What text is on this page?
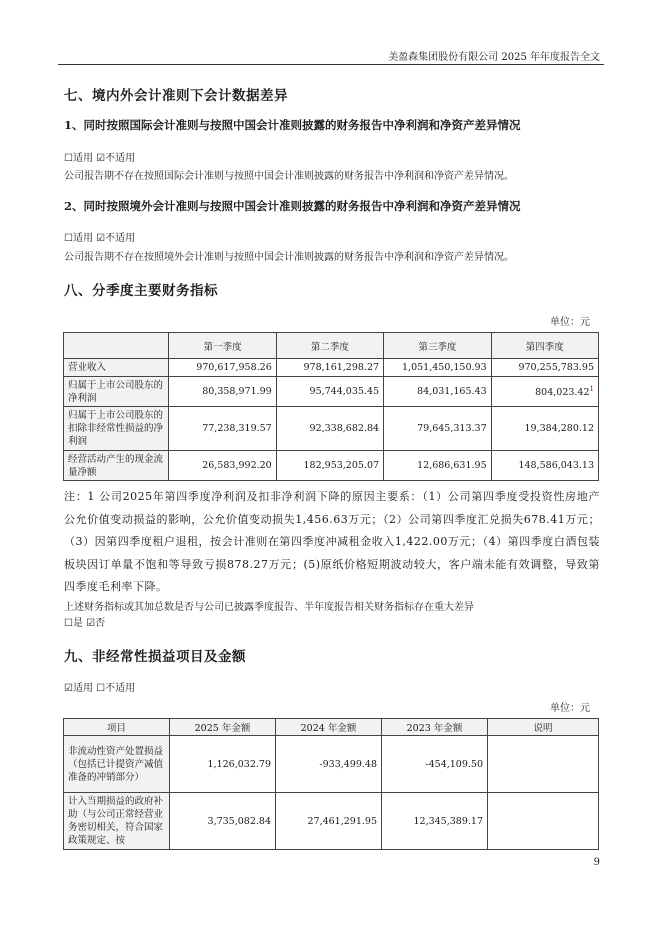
美盈森集团股份有限公司 2025 年年度报告全文
七、境内外会计准则下会计数据差异
1、同时按照国际会计准则与按照中国会计准则披露的财务报告中净利润和净资产差异情况
☐适用 ☑不适用
公司报告期不存在按照国际会计准则与按照中国会计准则披露的财务报告中净利润和净资产差异情况。
2、同时按照境外会计准则与按照中国会计准则披露的财务报告中净利润和净资产差异情况
☐适用 ☑不适用
公司报告期不存在按照境外会计准则与按照中国会计准则披露的财务报告中净利润和净资产差异情况。
八、分季度主要财务指标
单位：元
	第一季度	第二季度	第三季度	第四季度
营业收入	970,617,958.26	978,161,298.27	1,051,450,150.93	970,255,783.95
归属于上市公司股东的净利润	80,358,971.99	95,744,035.45	84,031,165.43	804,023.42$^1$
归属于上市公司股东的扣除非经常性损益的净利润	77,238,319.57	92,338,682.84	79,645,313.37	19,384,280.12
经营活动产生的现金流量净额	26,583,992.20	182,953,205.07	12,686,631.95	148,586,043.13
注：1 公司2025年第四季度净利润及扣非净利润下降的原因主要系：（1）公司第四季度受投资性房地产公允价值变动损益的影响，公允价值变动损失1,456.63万元；（2）公司第四季度汇兑损失678.41万元；（3）因第四季度租户退租，按会计准则在第四季度冲减租金收入1,422.00万元；（4）第四季度白酒包装板块因订单量不饱和等导致亏损878.27万元；(5)原纸价格短期波动较大，客户端未能有效调整，导致第四季度毛利率下降。
上述财务指标或其加总数是否与公司已披露季度报告、半年度报告相关财务指标存在重大差异
☐是 ☑否
九、非经常性损益项目及金额
☑适用 ☐不适用
单位：元
项目	2025 年金额	2024 年金额	2023 年金额	说明
非流动性资产处置损益（包括已计提资产减值准备的冲销部分）	1,126,032.79	-933,499.48	-454,109.50	
计入当期损益的政府补助（与公司正常经营业务密切相关，符合国家政策规定、按	3,735,082.84	27,461,291.95	12,345,389.17	
9
